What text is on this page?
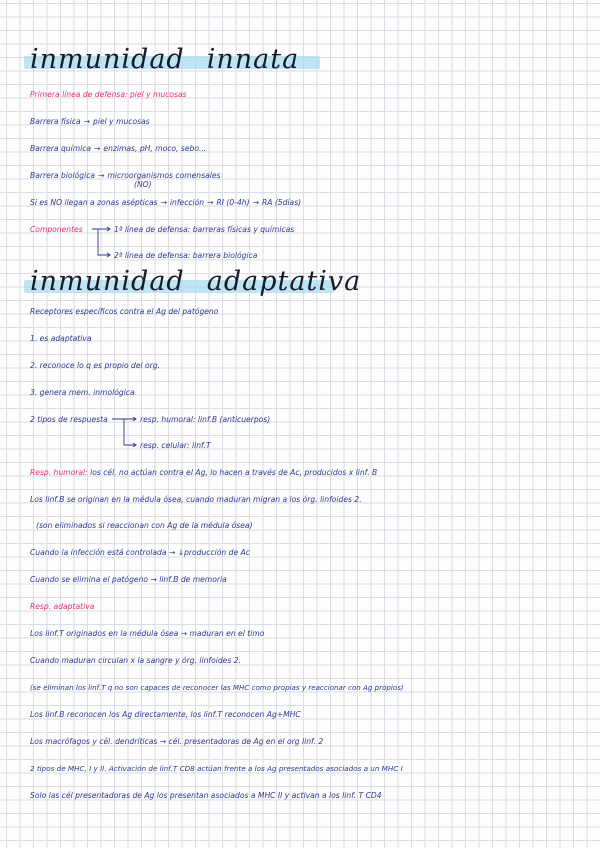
inmunidad innata
Primera línea de defensa: piel y mucosas
Barrera física → piel y mucosas
Barrera química → enzimas, pH, moco, sebo...
Barrera biológica → microorganismos comensales
(NO)
Si es NO llegan a zonas asépticas → infección → RI (0-4h) → RA (5días)
Componentes	1ª línea de defensa: barreras físicas y químicas
2ª línea de defensa: barrera biológica
inmunidad adaptativa
Receptores específicos contra el Ag del patógeno
1. es adaptativa
2. reconoce lo q es propio del org.
3. genera mem. inmológica
2 tipos de respuesta	resp. humoral: linf.B (anticuerpos)
resp. celular: linf.T
Resp. humoral: los cél. no actúan contra el Ag, lo hacen a través de Ac, producidos x linf. B
Los linf.B se originan en la médula ósea, cuando maduran migran a los órg. linfoides 2.
(son eliminados si reaccionan con Ag de la médula ósea)
Cuando la infección está controlada → ↓producción de Ac
Cuando se elimina el patógeno → linf.B de memoria
Resp. adaptativa
Los linf.T originados en la médula ósea → maduran en el timo
Cuando maduran circulan x la sangre y órg. linfoides 2.
(se eliminan los linf.T q no son capaces de reconocer las MHC como propias y reaccionar con Ag propios)
Los linf.B reconocen los Ag directamente, los linf.T reconocen Ag+MHC
Los macrófagos y cél. dendríticas → cél. presentadoras de Ag en el org linf. 2
2 tipos de MHC, I y II. Activación de linf.T CD8 actúan frente a los Ag presentados asociados a un MHC I
Solo las cél presentadoras de Ag los presentan asociados a MHC II y activan a los linf. T CD4
